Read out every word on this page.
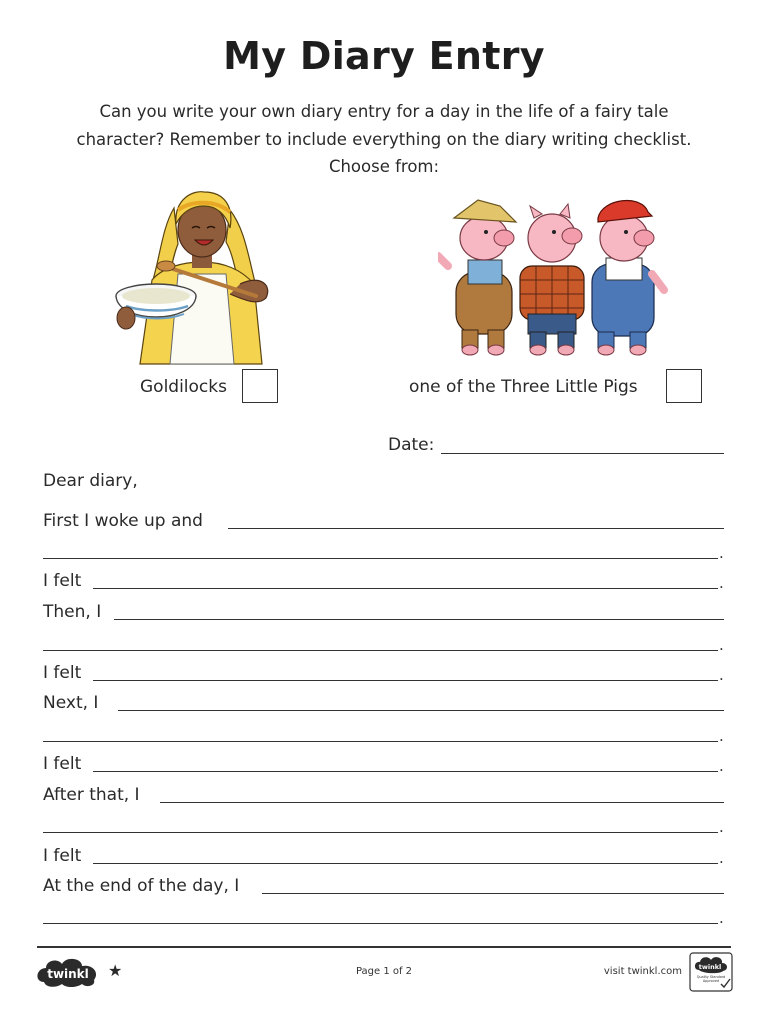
My Diary Entry
Can you write your own diary entry for a day in the life of a fairy tale
character? Remember to include everything on the diary writing checklist.
Choose from:
Goldilocks	one of the Three Little Pigs
Date:
Dear diary,
First I woke up and
.
I felt	.
Then, I
.
I felt	.
Next, I
.
I felt	.
After that, I
.
I felt	.
At the end of the day, I
.
twinkl ★	Page 1 of 2	visit twinkl.com	twinkl
Quality Standard Approved
